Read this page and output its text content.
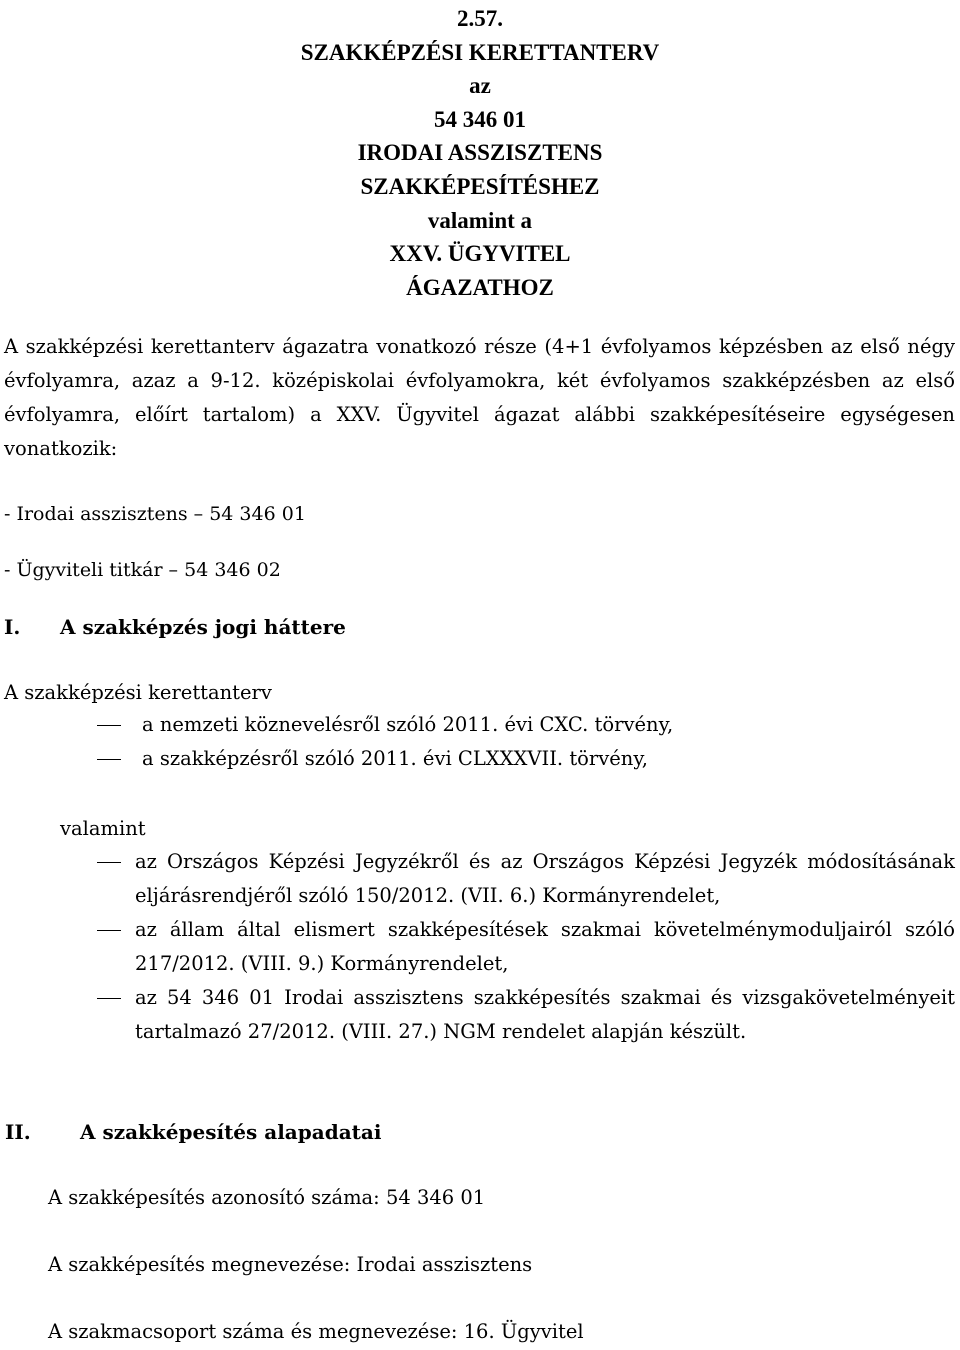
2.57.
SZAKKÉPZÉSI KERETTANTERV
az
54 346 01
IRODAI ASSZISZTENS
SZAKKÉPESÍTÉSHEZ
valamint a
XXV. ÜGYVITEL
ÁGAZATHOZ
A szakképzési kerettanterv ágazatra vonatkozó része (4+1 évfolyamos képzésben az első négy évfolyamra, azaz a 9-12. középiskolai évfolyamokra, két évfolyamos szakképzésben az első évfolyamra, előírt tartalom) a XXV. Ügyvitel ágazat alábbi szakképesítéseire egységesen vonatkozik:
- Irodai asszisztens – 54 346 01
- Ügyviteli titkár – 54 346 02
I. A szakképzés jogi háttere
A szakképzési kerettanterv
a nemzeti köznevelésről szóló 2011. évi CXC. törvény,
a szakképzésről szóló 2011. évi CLXXXVII. törvény,
valamint
az Országos Képzési Jegyzékről és az Országos Képzési Jegyzék módosításának eljárásrendjéről szóló 150/2012. (VII. 6.) Kormányrendelet,
az állam által elismert szakképesítések szakmai követelménymoduljairól szóló 217/2012. (VIII. 9.) Kormányrendelet,
az 54 346 01 Irodai asszisztens szakképesítés szakmai és vizsgakövetelményeit tartalmazó 27/2012. (VIII. 27.) NGM rendelet alapján készült.
II. A szakképesítés alapadatai
A szakképesítés azonosító száma: 54 346 01
A szakképesítés megnevezése: Irodai asszisztens
A szakmacsoport száma és megnevezése: 16. Ügyvitel
